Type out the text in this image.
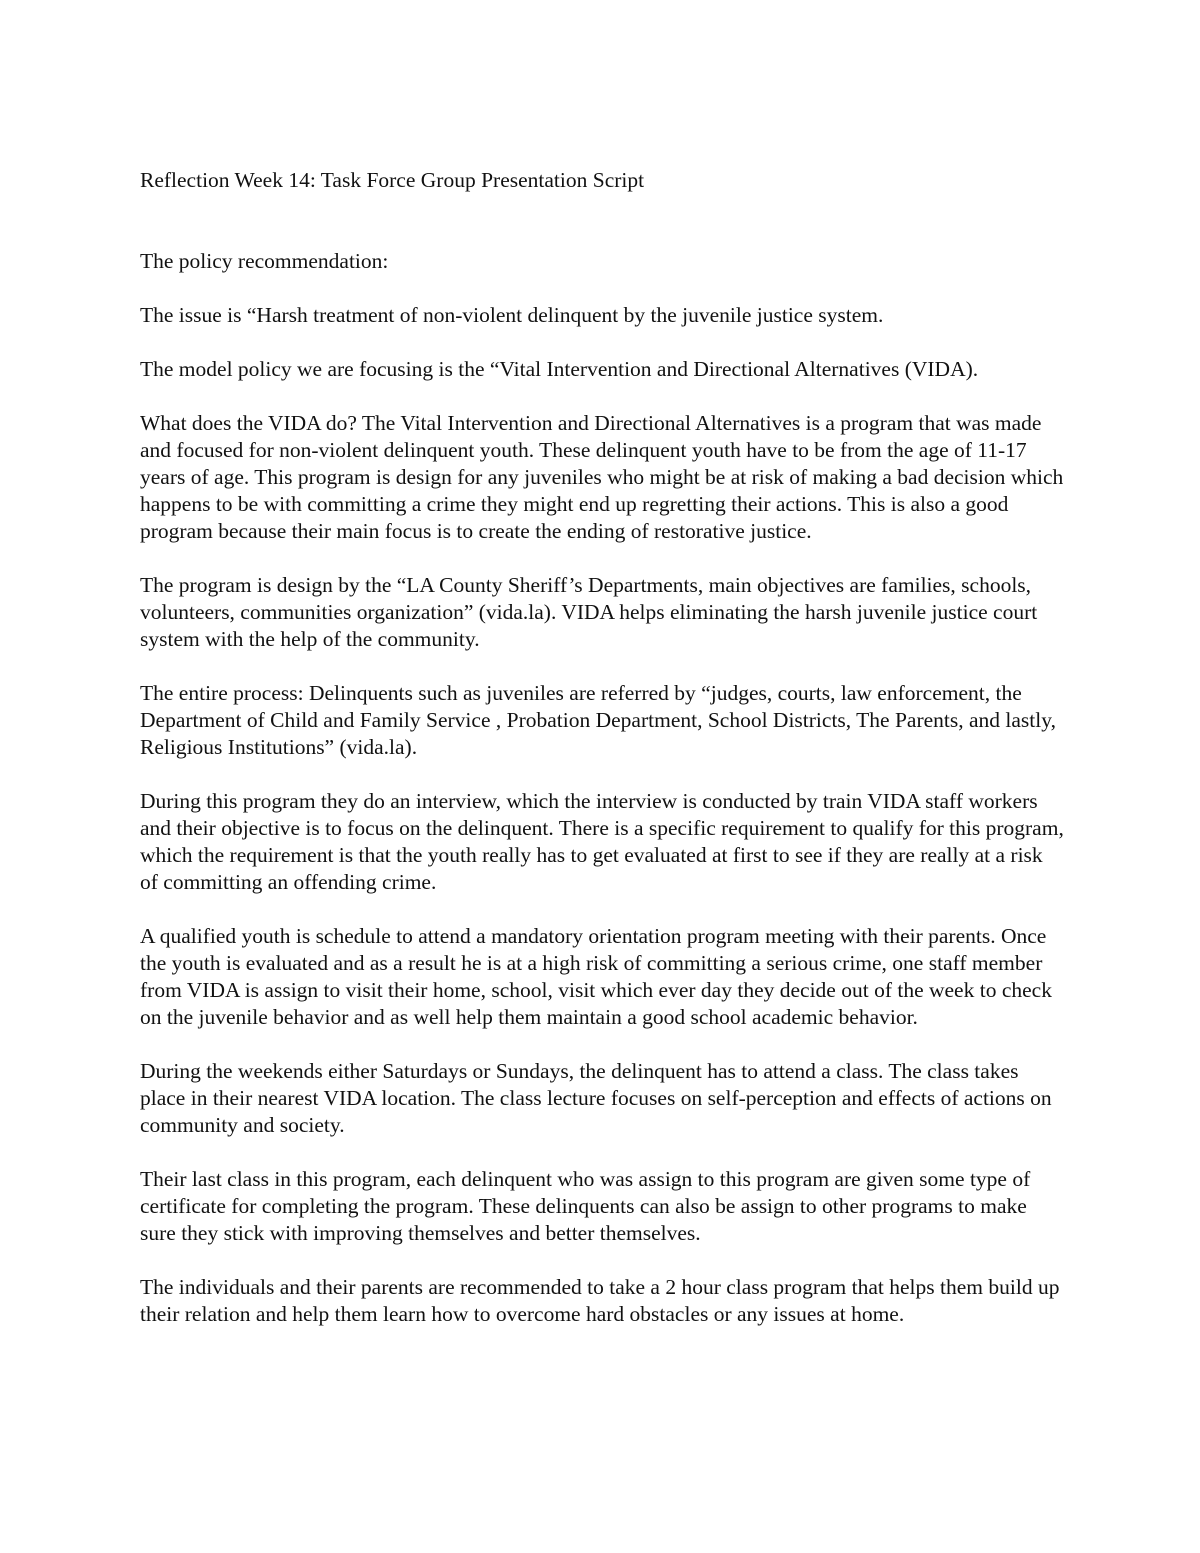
Reflection Week 14: Task Force Group Presentation Script

The policy recommendation:

The issue is “Harsh treatment of non-violent delinquent by the juvenile justice system.

The model policy we are focusing is the “Vital Intervention and Directional Alternatives (VIDA).

What does the VIDA do? The Vital Intervention and Directional Alternatives is a program that was made and focused for non-violent delinquent youth. These delinquent youth have to be from the age of 11-17 years of age. This program is design for any juveniles who might be at risk of making a bad decision which happens to be with committing a crime they might end up regretting their actions. This is also a good program because their main focus is to create the ending of restorative justice.

The program is design by the “LA County Sheriff’s Departments, main objectives are families, schools, volunteers, communities organization” (vida.la). VIDA helps eliminating the harsh juvenile justice court system with the help of the community.

The entire process: Delinquents such as juveniles are referred by “judges, courts, law enforcement, the Department of Child and Family Service , Probation Department, School Districts, The Parents, and lastly, Religious Institutions” (vida.la).

During this program they do an interview, which the interview is conducted by train VIDA staff workers and their objective is to focus on the delinquent. There is a specific requirement to qualify for this program, which the requirement is that the youth really has to get evaluated at first to see if they are really at a risk of committing an offending crime.

A qualified youth is schedule to attend a mandatory orientation program meeting with their parents. Once the youth is evaluated and as a result he is at a high risk of committing a serious crime, one staff member from VIDA is assign to visit their home, school, visit which ever day they decide out of the week to check on the juvenile behavior and as well help them maintain a good school academic behavior.

During the weekends either Saturdays or Sundays, the delinquent has to attend a class. The class takes place in their nearest VIDA location. The class lecture focuses on self-perception and effects of actions on community and society.

Their last class in this program, each delinquent who was assign to this program are given some type of certificate for completing the program. These delinquents can also be assign to other programs to make sure they stick with improving themselves and better themselves.

The individuals and their parents are recommended to take a 2 hour class program that helps them build up their relation and help them learn how to overcome hard obstacles or any issues at home.
